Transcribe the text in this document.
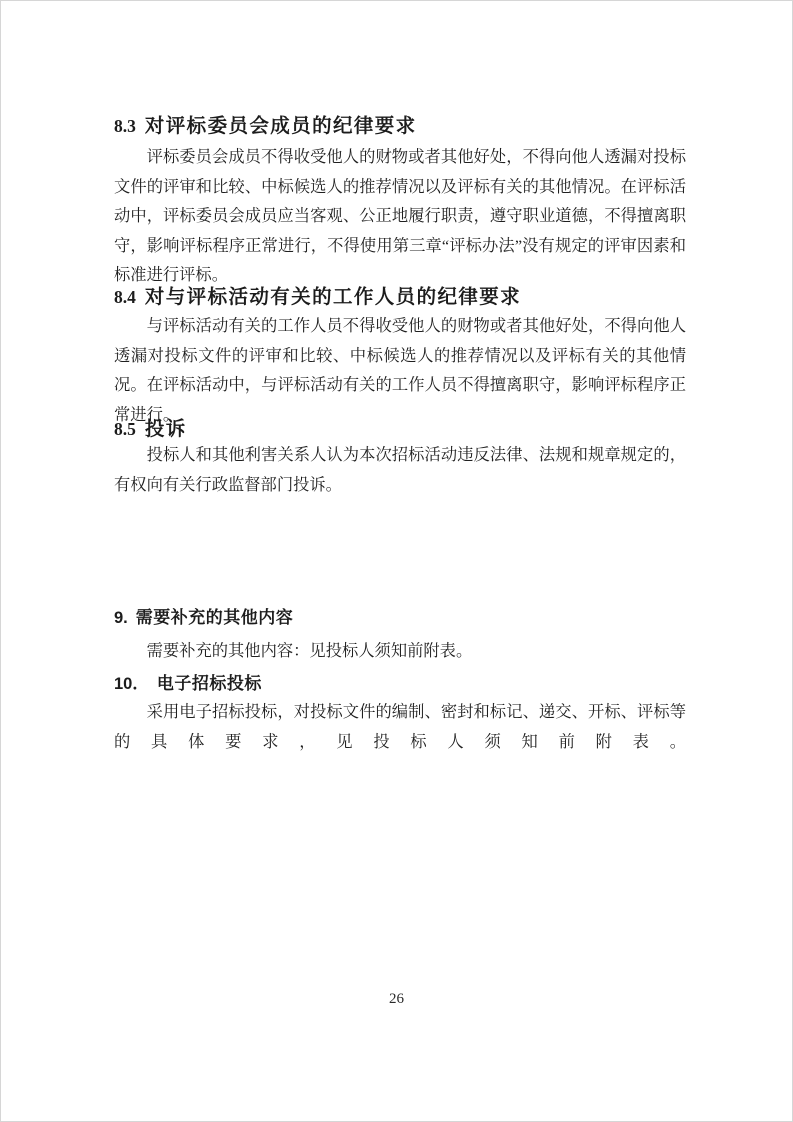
8.3 对评标委员会成员的纪律要求

评标委员会成员不得收受他人的财物或者其他好处，不得向他人透漏对投标文件的评审和比较、中标候选人的推荐情况以及评标有关的其他情况。在评标活动中，评标委员会成员应当客观、公正地履行职责，遵守职业道德，不得擅离职守，影响评标程序正常进行，不得使用第三章“评标办法”没有规定的评审因素和标准进行评标。

8.4 对与评标活动有关的工作人员的纪律要求

与评标活动有关的工作人员不得收受他人的财物或者其他好处，不得向他人透漏对投标文件的评审和比较、中标候选人的推荐情况以及评标有关的其他情况。在评标活动中，与评标活动有关的工作人员不得擅离职守，影响评标程序正常进行。

8.5 投诉

投标人和其他利害关系人认为本次招标活动违反法律、法规和规章规定的，有权向有关行政监督部门投诉。

9. 需要补充的其他内容

需要补充的其他内容：见投标人须知前附表。

10． 电子招标投标

采用电子招标投标，对投标文件的编制、密封和标记、递交、开标、评标等的具体要求，见投标人须知前附表。

26
